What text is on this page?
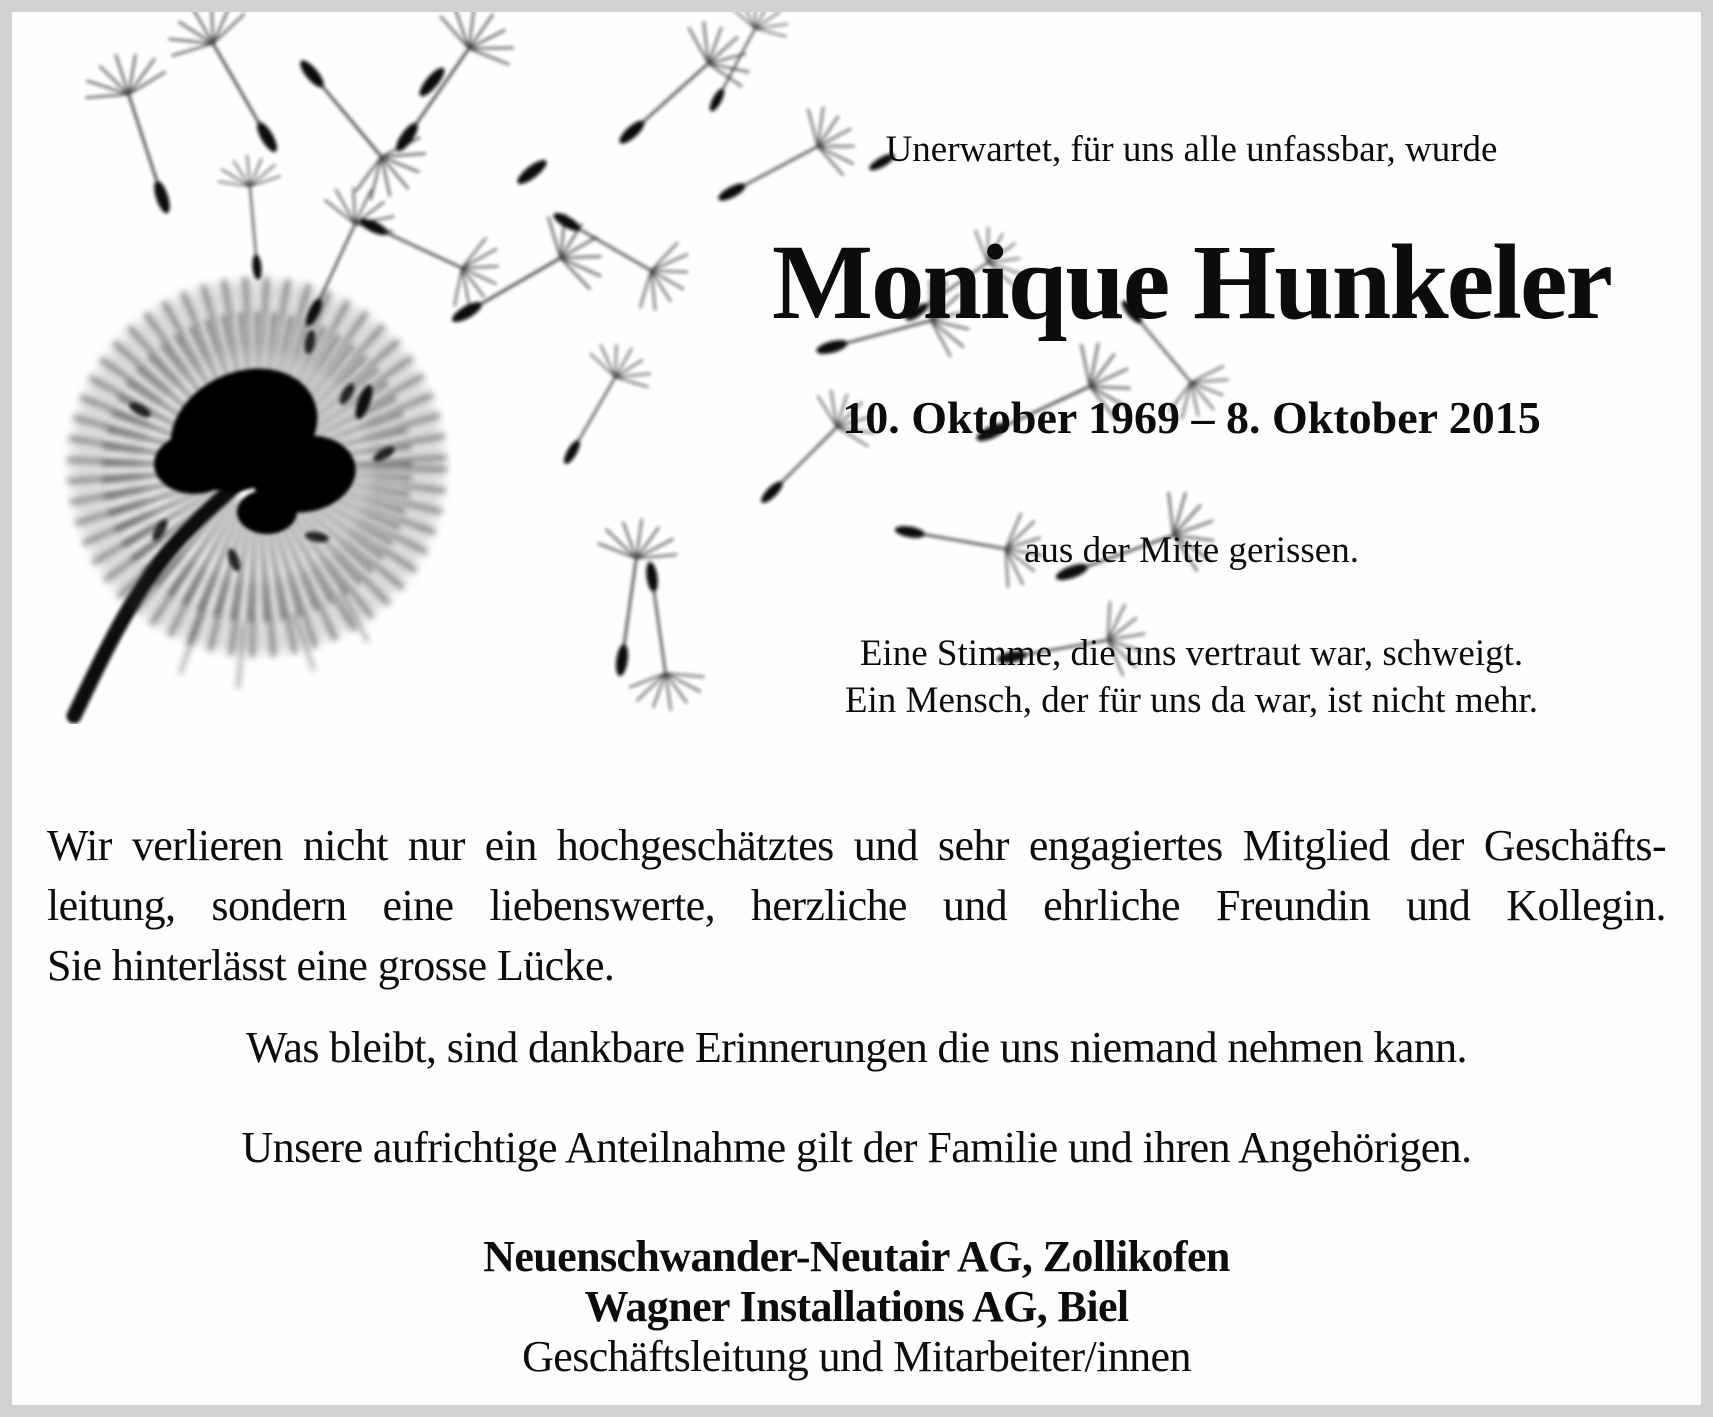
Unerwartet, für uns alle unfassbar, wurde

Monique Hunkeler

10. Oktober 1969 – 8. Oktober 2015

aus der Mitte gerissen.

Eine Stimme, die uns vertraut war, schweigt.
Ein Mensch, der für uns da war, ist nicht mehr.
Wir verlieren nicht nur ein hochgeschätztes und sehr engagiertes Mitglied der Geschäfts-
leitung, sondern eine liebenswerte, herzliche und ehrliche Freundin und Kollegin.
Sie hinterlässt eine grosse Lücke.

Was bleibt, sind dankbare Erinnerungen die uns niemand nehmen kann.

Unsere aufrichtige Anteilnahme gilt der Familie und ihren Angehörigen.

Neuenschwander-Neutair AG, Zollikofen
Wagner Installations AG, Biel
Geschäftsleitung und Mitarbeiter/innen
